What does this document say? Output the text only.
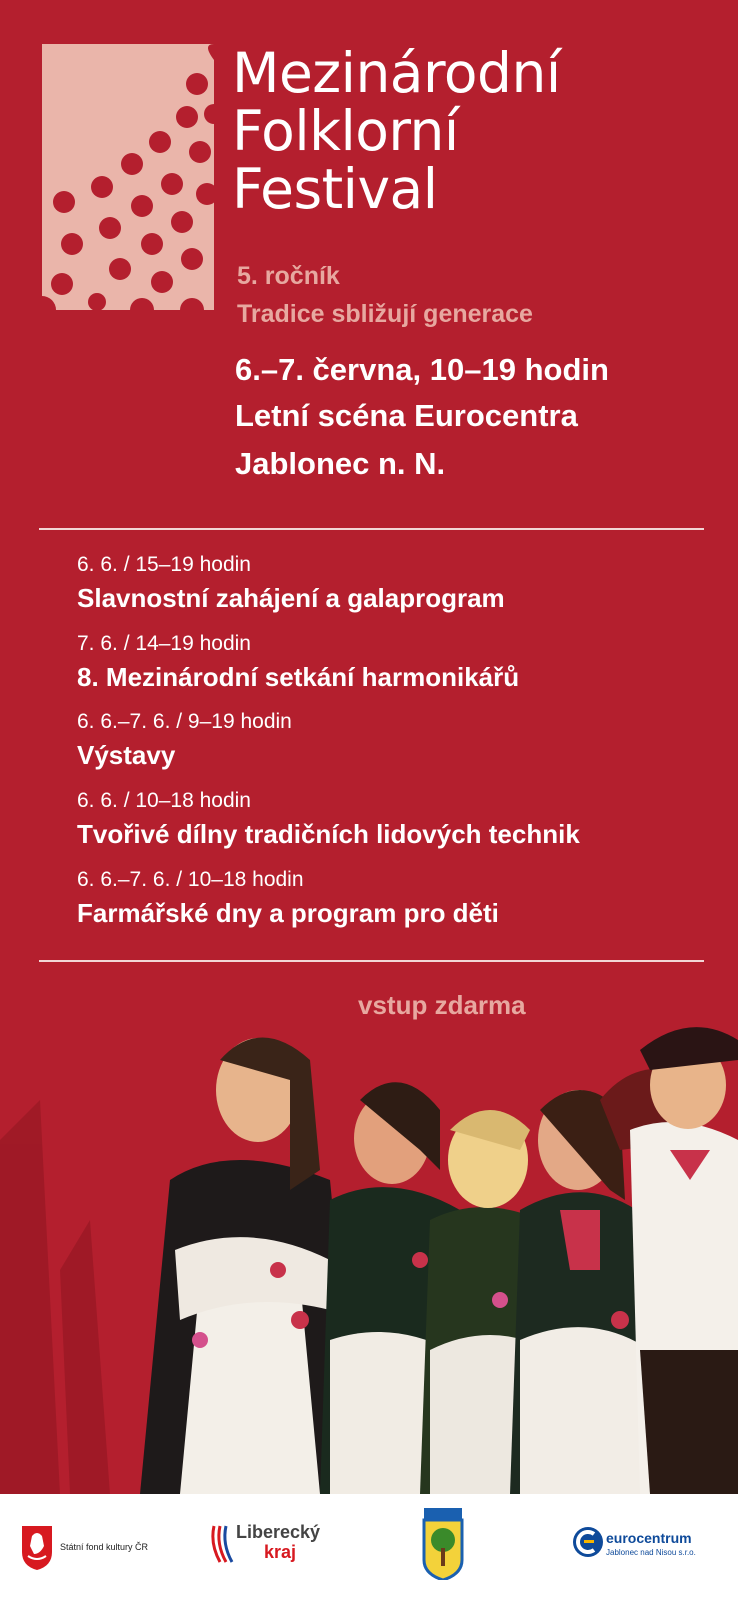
Mezinárodní
Folklorní
Festival
5. ročník
Tradice sbližují generace
6.–7. června, 10–19 hodin
Letní scéna Eurocentra
Jablonec n. N.
6. 6. / 15–19 hodin
Slavnostní zahájení a galaprogram
7. 6. / 14–19 hodin
8. Mezinárodní setkání harmonikářů
6. 6.–7. 6. / 9–19 hodin
Výstavy
6. 6. / 10–18 hodin
Tvořivé dílny tradičních lidových technik
6. 6.–7. 6. / 10–18 hodin
Farmářské dny a program pro děti
vstup zdarma
Státní fond kultury ČR
Liberecký
kraj
eurocentrum
Jablonec nad Nisou s.r.o.
